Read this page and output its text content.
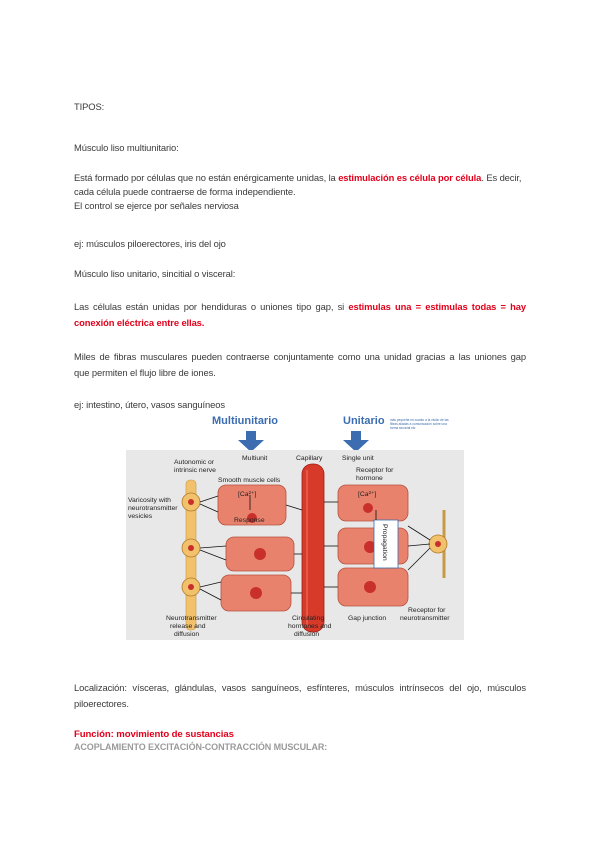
TIPOS:
Músculo liso multiunitario:
Está formado por células que no están enérgicamente unidas, la estimulación es célula por célula. Es decir,
cada célula puede contraerse de forma independiente.
El control se ejerce por señales nerviosa
ej: músculos piloerectores, iris del ojo
Músculo liso unitario, sincitial o visceral:
Las células están unidas por hendiduras o uniones tipo gap, si estimulas una = estimulas todas = hay
conexión eléctrica entre ellas.
Miles de fibras musculares pueden contraerse conjuntamente como una unidad gracias a las uniones gap
que permiten el flujo libre de iones.
ej: intestino, útero, vasos sanguíneos
Multiunitario	Unitario más pequeña en cuanto a la visión de las fibras aliadas a comunicación sobre una forma sincicial etc
Autonomic or
intrinsic nerve
Multiunit	Capillary	Single unit
Smooth muscle cells
Receptor for
hormone
Varicosity with
neurotransmitter
vesicles
[Ca²⁺]	[Ca²⁺]
Response
Propagation
Neurotransmitter
release and
diffusion
Circulating
hormones and
diffusion
Gap junction
Receptor for
neurotransmitter
Localización: vísceras, glándulas, vasos sanguíneos, esfínteres, músculos intrínsecos del ojo, músculos
piloerectores.
Función: movimiento de sustancias
ACOPLAMIENTO EXCITACIÓN-CONTRACCIÓN MUSCULAR:
